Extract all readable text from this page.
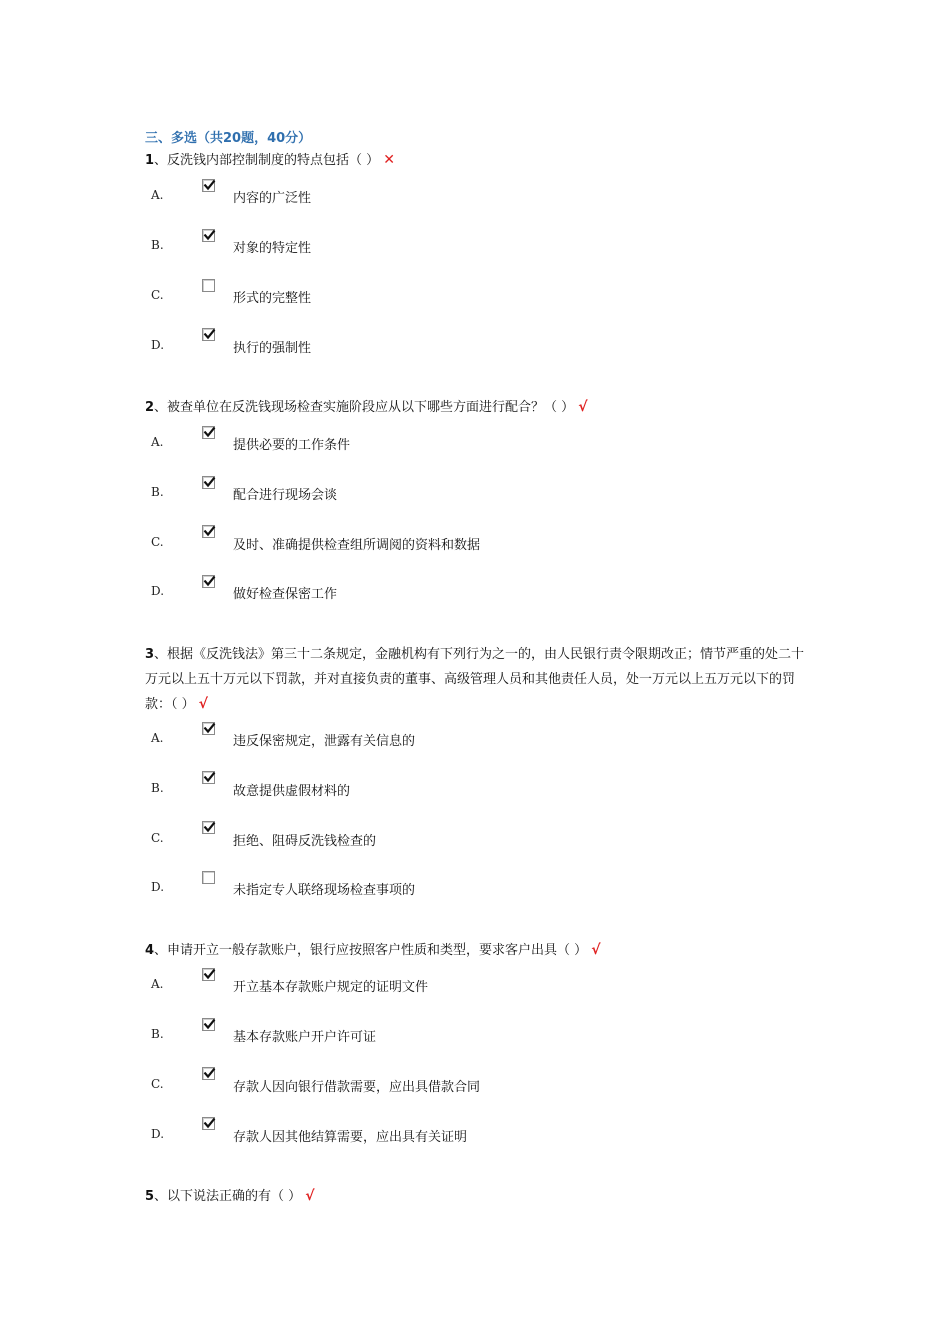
三、多选（共20题，40分）
1、反洗钱内部控制制度的特点包括（ ） ✕
A.	内容的广泛性
B.	对象的特定性
C.	形式的完整性
D.	执行的强制性
2、被查单位在反洗钱现场检查实施阶段应从以下哪些方面进行配合？（ ） √
A.	提供必要的工作条件
B.	配合进行现场会谈
C.	及时、准确提供检查组所调阅的资料和数据
D.	做好检查保密工作
3、根据《反洗钱法》第三十二条规定，金融机构有下列行为之一的，由人民银行责令限期改正；情节严重的处二十万元以上五十万元以下罚款，并对直接负责的董事、高级管理人员和其他责任人员，处一万元以上五万元以下的罚款：（ ） √
A.	违反保密规定，泄露有关信息的
B.	故意提供虚假材料的
C.	拒绝、阻碍反洗钱检查的
D.	未指定专人联络现场检查事项的
4、申请开立一般存款账户，银行应按照客户性质和类型，要求客户出具（ ） √
A.	开立基本存款账户规定的证明文件
B.	基本存款账户开户许可证
C.	存款人因向银行借款需要，应出具借款合同
D.	存款人因其他结算需要，应出具有关证明
5、以下说法正确的有（ ） √
